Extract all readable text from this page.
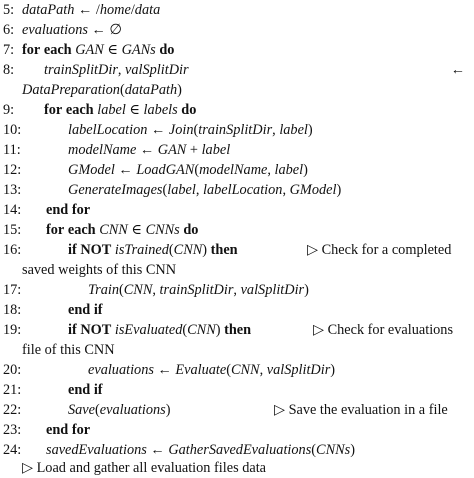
5: dataPath ← /home/data
6: evaluations ← ∅
7: for each GAN ∈ GANs do
8: trainSplitDir, valSplitDir	←
DataPreparation(dataPath)
9: for each label ∈ labels do
10:	labelLocation ← Join(trainSplitDir, label)
11:	modelName ← GAN + label
12:	GModel ← LoadGAN(modelName, label)
13:	GenerateImages(label, labelLocation, GModel)
14: end for
15: for each CNN ∈ CNNs do
16:	if NOT isTrained(CNN) then	▷ Check for a completed
saved weights of this CNN
17:	Train(CNN, trainSplitDir, valSplitDir)
18:	end if
19:	if NOT isEvaluated(CNN) then	▷ Check for evaluations
file of this CNN
20:	evaluations ← Evaluate(CNN, valSplitDir)
21:	end if
22:	Save(evaluations)	▷ Save the evaluation in a file
23: end for
24: savedEvaluations ← GatherSavedEvaluations(CNNs)
▷ Load and gather all evaluation files data
